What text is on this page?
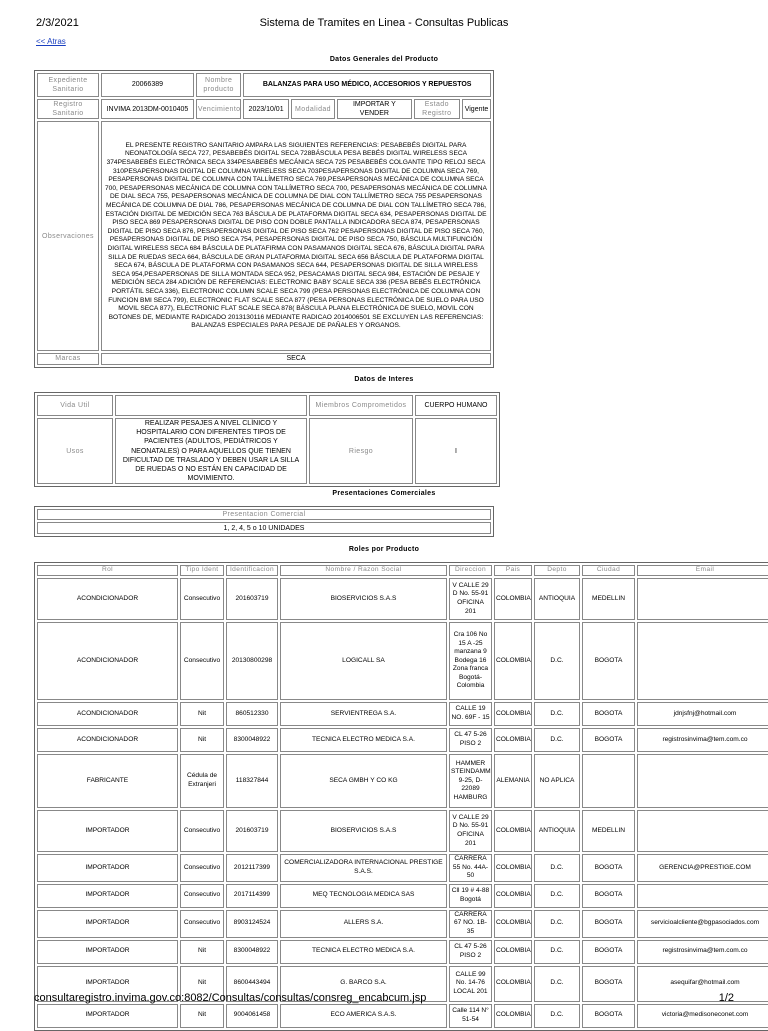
2/3/2021	Sistema de Tramites en Linea - Consultas Publicas
<< Atras
Datos Generales del Producto
Expediente Sanitario	20066389	Nombre producto	BALANZAS PARA USO MÉDICO, ACCESORIOS Y REPUESTOS				
Registro Sanitario	INVIMA 2013DM-0010405	Vencimiento	2023/10/01	Modalidad	IMPORTAR Y VENDER	Estado Registro	Vigente
Observaciones	EL PRESENTE REGISTRO SANITARIO AMPARA LAS SIGUIENTES REFERENCIAS: PESABEBÉS DIGITAL PARA NEONATOLOGÍA SECA 727, PESABEBÉS DIGITAL SECA 728BÁSCULA PESA BEBÉS DIGITAL WIRELESS SECA 374PESABEBÉS ELECTRÓNICA SECA 334PESABEBÉS MECÁNICA SECA 725 PESABEBÉS COLGANTE TIPO RELOJ SECA 310PESAPERSONAS DIGITAL DE COLUMNA WIRELESS SECA 703PESAPERSONAS DIGITAL DE COLUMNA SECA 769, PESAPERSONAS DIGITAL DE COLUMNA CON TALLÍMETRO SECA 769,PESAPERSONAS MECÁNICA DE COLUMNA SECA 700, PESAPERSONAS MECÁNICA DE COLUMNA CON TALLÍMETRO SECA 700, PESAPERSONAS MECÁNICA DE COLUMNA DE DIAL SECA 755, PESAPERSONAS MECÁNICA DE COLUMNA DE DIAL CON TALLÍMETRO SECA 755 PESAPERSONAS MECÁNICA DE COLUMNA DE DIAL 786, PESAPERSONAS MECÁNICA DE COLUMNA DE DIAL CON TALLÍMETRO SECA 786, ESTACIÓN DIGITAL DE MEDICIÓN SECA 763 BÁSCULA DE PLATAFORMA DIGITAL SECA 634, PESAPERSONAS DIGITAL DE PISO SECA 869 PESAPERSONAS DIGITAL DE PISO CON DOBLE PANTALLA INDICADORA SECA 874, PESAPERSONAS DIGITAL DE PISO SECA 876, PESAPERSONAS DIGITAL DE PISO SECA 762 PESAPERSONAS DIGITAL DE PISO SECA 760, PESAPERSONAS DIGITAL DE PISO SECA 754, PESAPERSONAS DIGITAL DE PISO SECA 750, BÁSCULA MULTIFUNCIÓN DIGITAL WIRELESS SECA 684 BÁSCULA DE PLATAFIRMA CON PASAMANOS DIGITAL SECA 676, BÁSCULA DIGITAL PARA SILLA DE RUEDAS SECA 664, BÁSCULA DE GRAN PLATAFORMA DIGITAL SECA 656 BÁSCULA DE PLATAFORMA DIGITAL SECA 674, BÁSCULA DE PLATAFORMA CON PASAMANOS SECA 644, PESAPERSONAS DIGITAL DE SILLA WIRELESS SECA 954,PESAPERSONAS DE SILLA MONTADA SECA 952, PESACAMAS DIGITAL SECA 984, ESTACIÓN DE PESAJE Y MEDICIÓN SECA 284 ADICIÓN DE REFERENCIAS: ELECTRONIC BABY SCALE SECA 336 (PESA BEBÉS ELECTRÓNICA PORTÁTIL SECA 336), ELECTRONIC COLUMN SCALE SECA 799 (PESA PERSONAS ELECTRÓNICA DE COLUMNA CON FUNCION BMI SECA 799), ELECTRONIC FLAT SCALE SECA 877 (PESA PERSONAS ELECTRÓNICA DE SUELO PARA USO MOVIL SECA 877), ELECTRONIC FLAT SCALE SECA 878( BÁSCULA PLANA ELECTRÓNICA DE SUELO, MOVIL CON BOTONES DE, MEDIANTE RADICADO 2013130116 MEDIANTE RADICAO 2014006501 SE EXCLUYEN LAS REFERENCIAS: BALANZAS ESPECIALES PARA PESAJE DE PAÑALES Y ORGANOS.						
Marcas	SECA						
Datos de Interes
Vida Util		Miembros Comprometidos	CUERPO HUMANO
Usos	REALIZAR PESAJES A NIVEL CLÍNICO Y HOSPITALARIO CON DIFERENTES TIPOS DE PACIENTES (ADULTOS, PEDIÁTRICOS Y NEONATALES) O PARA AQUELLOS QUE TIENEN DIFICULTAD DE TRASLADO Y DEBEN USAR LA SILLA DE RUEDAS O NO ESTÁN EN CAPACIDAD DE MOVIMIENTO.	Riesgo	I
Presentaciones Comerciales
Presentacion Comercial
1, 2, 4, 5 o 10 UNIDADES
Roles por Producto
Rol	Tipo Ident	Identificacion	Nombre / Razon Social	Direccion	Pais	Depto	Ciudad	Email
ACONDICIONADOR	Consecutivo	201603719	BIOSERVICIOS S.A.S	V CALLE 29 D No. 55-91 OFICINA 201	COLOMBIA	ANTIOQUIA	MEDELLIN	
ACONDICIONADOR	Consecutivo	20130800298	LOGICALL SA	Cra 106 No 15 A -25 manzana 9 Bodega 16 Zona franca Bogotá-Colombia	COLOMBIA	D.C.	BOGOTA	
ACONDICIONADOR	Nit	860512330	SERVIENTREGA S.A.	CALLE 19 NO. 69F - 15	COLOMBIA	D.C.	BOGOTA	jdnjsfnj@hotmail.com
ACONDICIONADOR	Nit	8300048922	TECNICA ELECTRO MEDICA S.A.	CL 47 5-26 PISO 2	COLOMBIA	D.C.	BOGOTA	registrosinvima@tem.com.co
FABRICANTE	Cédula de Extranjeri	118327844	SECA GMBH Y CO KG	HAMMER STEINDAMM 9-25, D-22089 HAMBURG	ALEMANIA	NO APLICA		
IMPORTADOR	Consecutivo	201603719	BIOSERVICIOS S.A.S	V CALLE 29 D No. 55-91 OFICINA 201	COLOMBIA	ANTIOQUIA	MEDELLIN	
IMPORTADOR	Consecutivo	2012117399	COMERCIALIZADORA INTERNACIONAL PRESTIGE S.A.S.	CARRERA 55 No. 44A-50	COLOMBIA	D.C.	BOGOTA	GERENCIA@PRESTIGE.COM
IMPORTADOR	Consecutivo	2017114399	MEQ TECNOLOGIA MEDICA SAS	Cll 19 # 4-88 Bogotá	COLOMBIA	D.C.	BOGOTA	
IMPORTADOR	Consecutivo	8903124524	ALLERS S.A.	CARRERA 67 NO. 1B-35	COLOMBIA	D.C.	BOGOTA	servicioalcliente@bgpasociados.com
IMPORTADOR	Nit	8300048922	TECNICA ELECTRO MEDICA S.A.	CL 47 5-26 PISO 2	COLOMBIA	D.C.	BOGOTA	registrosinvima@tem.com.co
IMPORTADOR	Nit	8600443494	G. BARCO S.A.	CALLE 99 No. 14-76 LOCAL 201	COLOMBIA	D.C.	BOGOTA	asequifar@hotmail.com
IMPORTADOR	Nit	9004061458	ECO AMERICA S.A.S.	Calle 114 N° 51-54	COLOMBIA	D.C.	BOGOTA	victoria@medisoneconet.com
consultaregistro.invima.gov.co:8082/Consultas/consultas/consreg_encabcum.jsp	1/2
